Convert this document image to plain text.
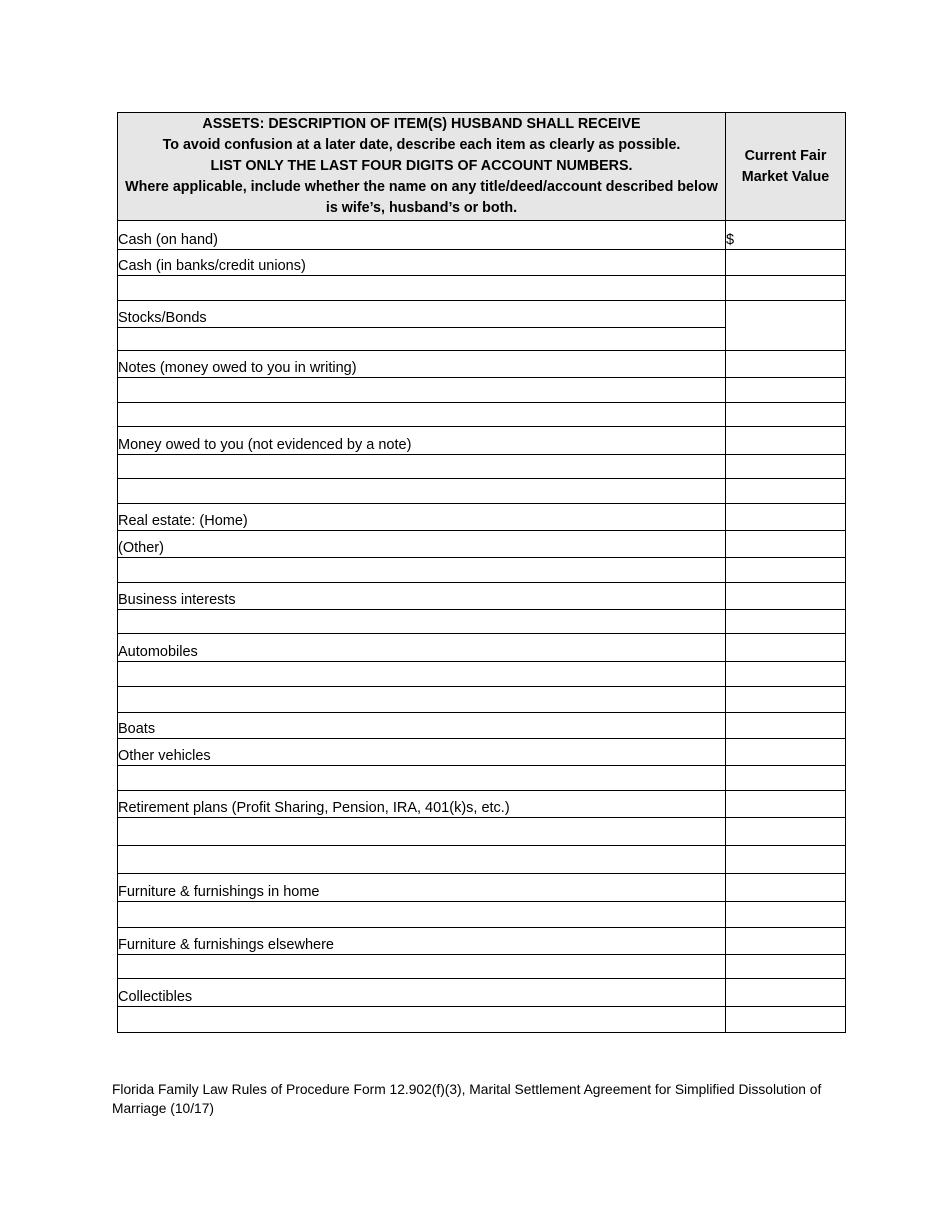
ASSETS: DESCRIPTION OF ITEM(S) HUSBAND SHALL RECEIVE
To avoid confusion at a later date, describe each item as clearly as possible.
LIST ONLY THE LAST FOUR DIGITS OF ACCOUNT NUMBERS.
Where applicable, include whether the name on any title/deed/account described below is wife’s, husband’s or both.	Current Fair
Market Value

Cash (on hand)	$
Cash (in banks/credit unions)	

Stocks/Bonds	

Notes (money owed to you in writing)	

Money owed to you (not evidenced by a note)	

Real estate: (Home)	
(Other)	

Business interests	

Automobiles	

Boats	
Other vehicles	

Retirement plans (Profit Sharing, Pension, IRA, 401(k)s, etc.)	

Furniture & furnishings in home	

Furniture & furnishings elsewhere	

Collectibles	

Florida Family Law Rules of Procedure Form 12.902(f)(3), Marital Settlement Agreement for Simplified Dissolution of Marriage (10/17)
